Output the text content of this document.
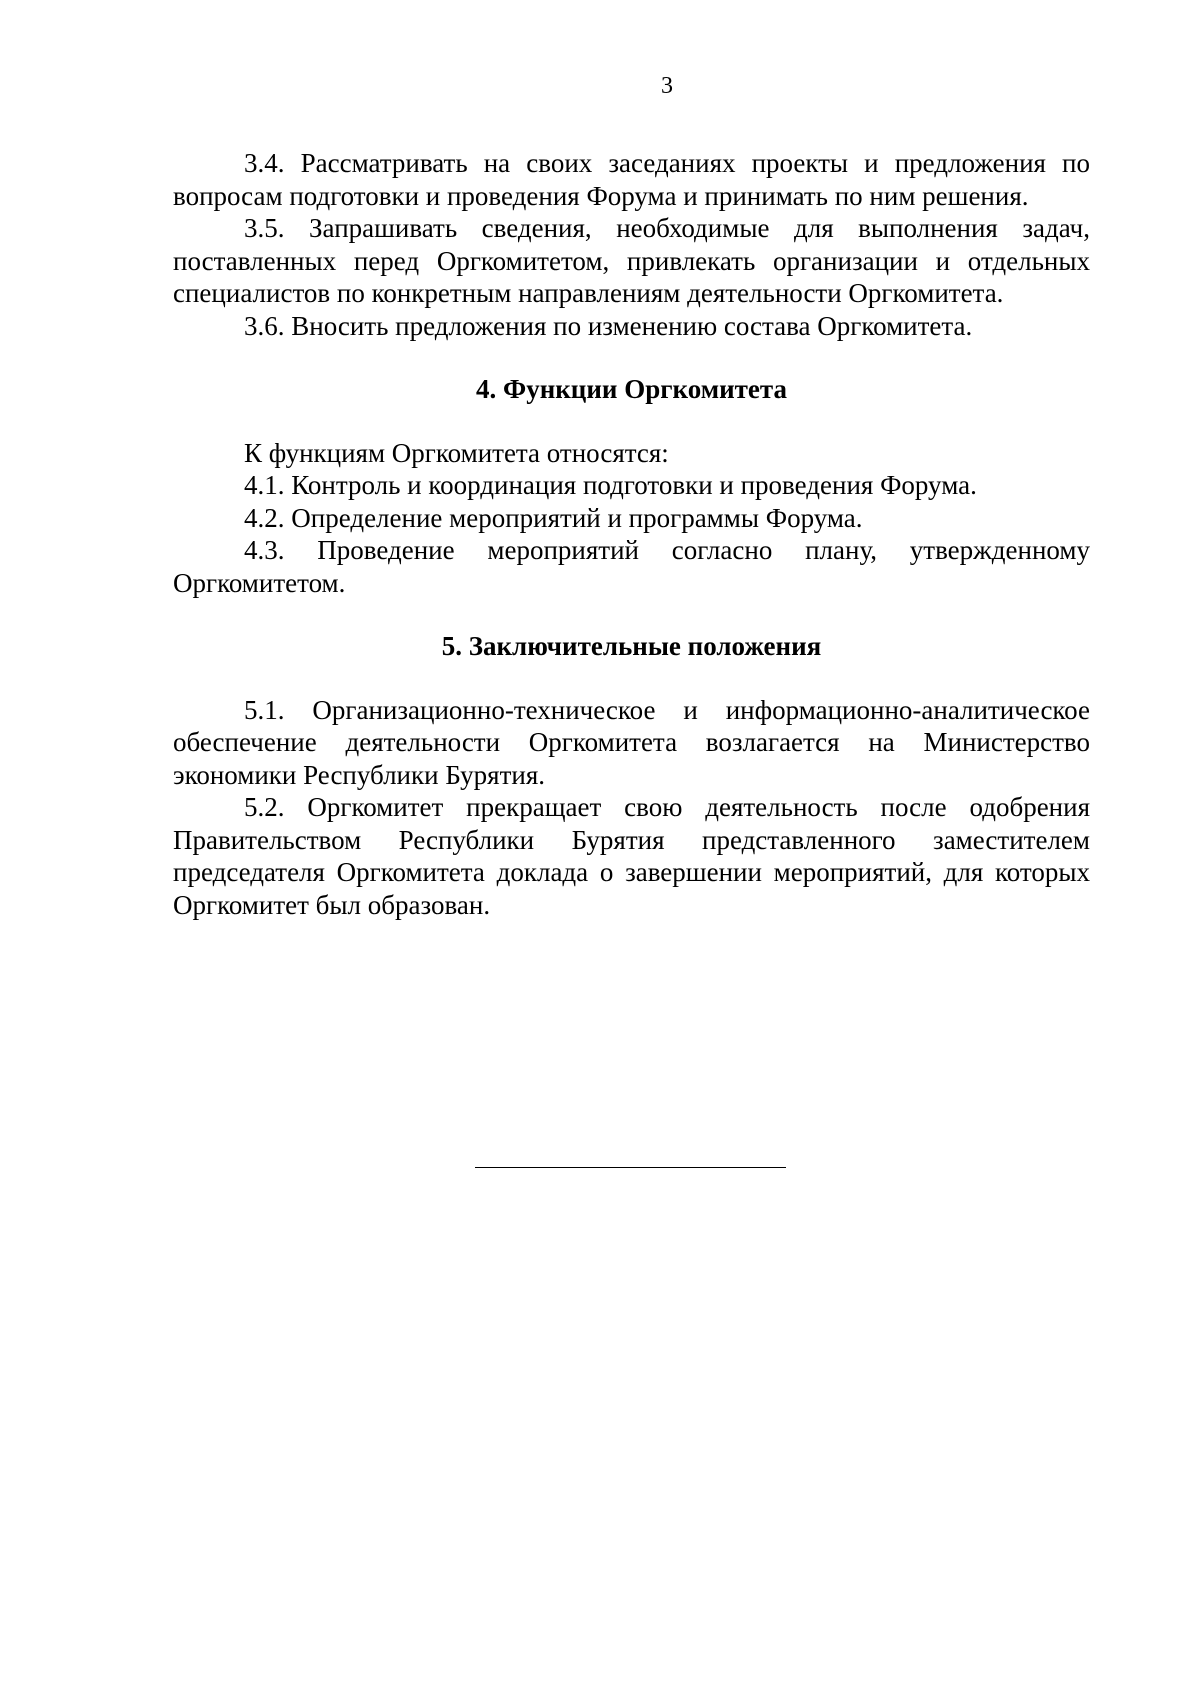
3

3.4. Рассматривать на своих заседаниях проекты и предложения по вопросам подготовки и проведения Форума и принимать по ним решения.

3.5. Запрашивать сведения, необходимые для выполнения задач, поставленных перед Оргкомитетом, привлекать организации и отдельных специалистов по конкретным направлениям деятельности Оргкомитета.

3.6. Вносить предложения по изменению состава Оргкомитета.

4. Функции Оргкомитета

К функциям Оргкомитета относятся:

4.1. Контроль и координация подготовки и проведения Форума.

4.2. Определение мероприятий и программы Форума.

4.3. Проведение мероприятий согласно плану, утвержденному Оргкомитетом.

5. Заключительные положения

5.1. Организационно-техническое и информационно-аналитическое обеспечение деятельности Оргкомитета возлагается на Министерство экономики Республики Бурятия.

5.2. Оргкомитет прекращает свою деятельность после одобрения Правительством Республики Бурятия представленного заместителем председателя Оргкомитета доклада о завершении мероприятий, для которых Оргкомитет был образован.
